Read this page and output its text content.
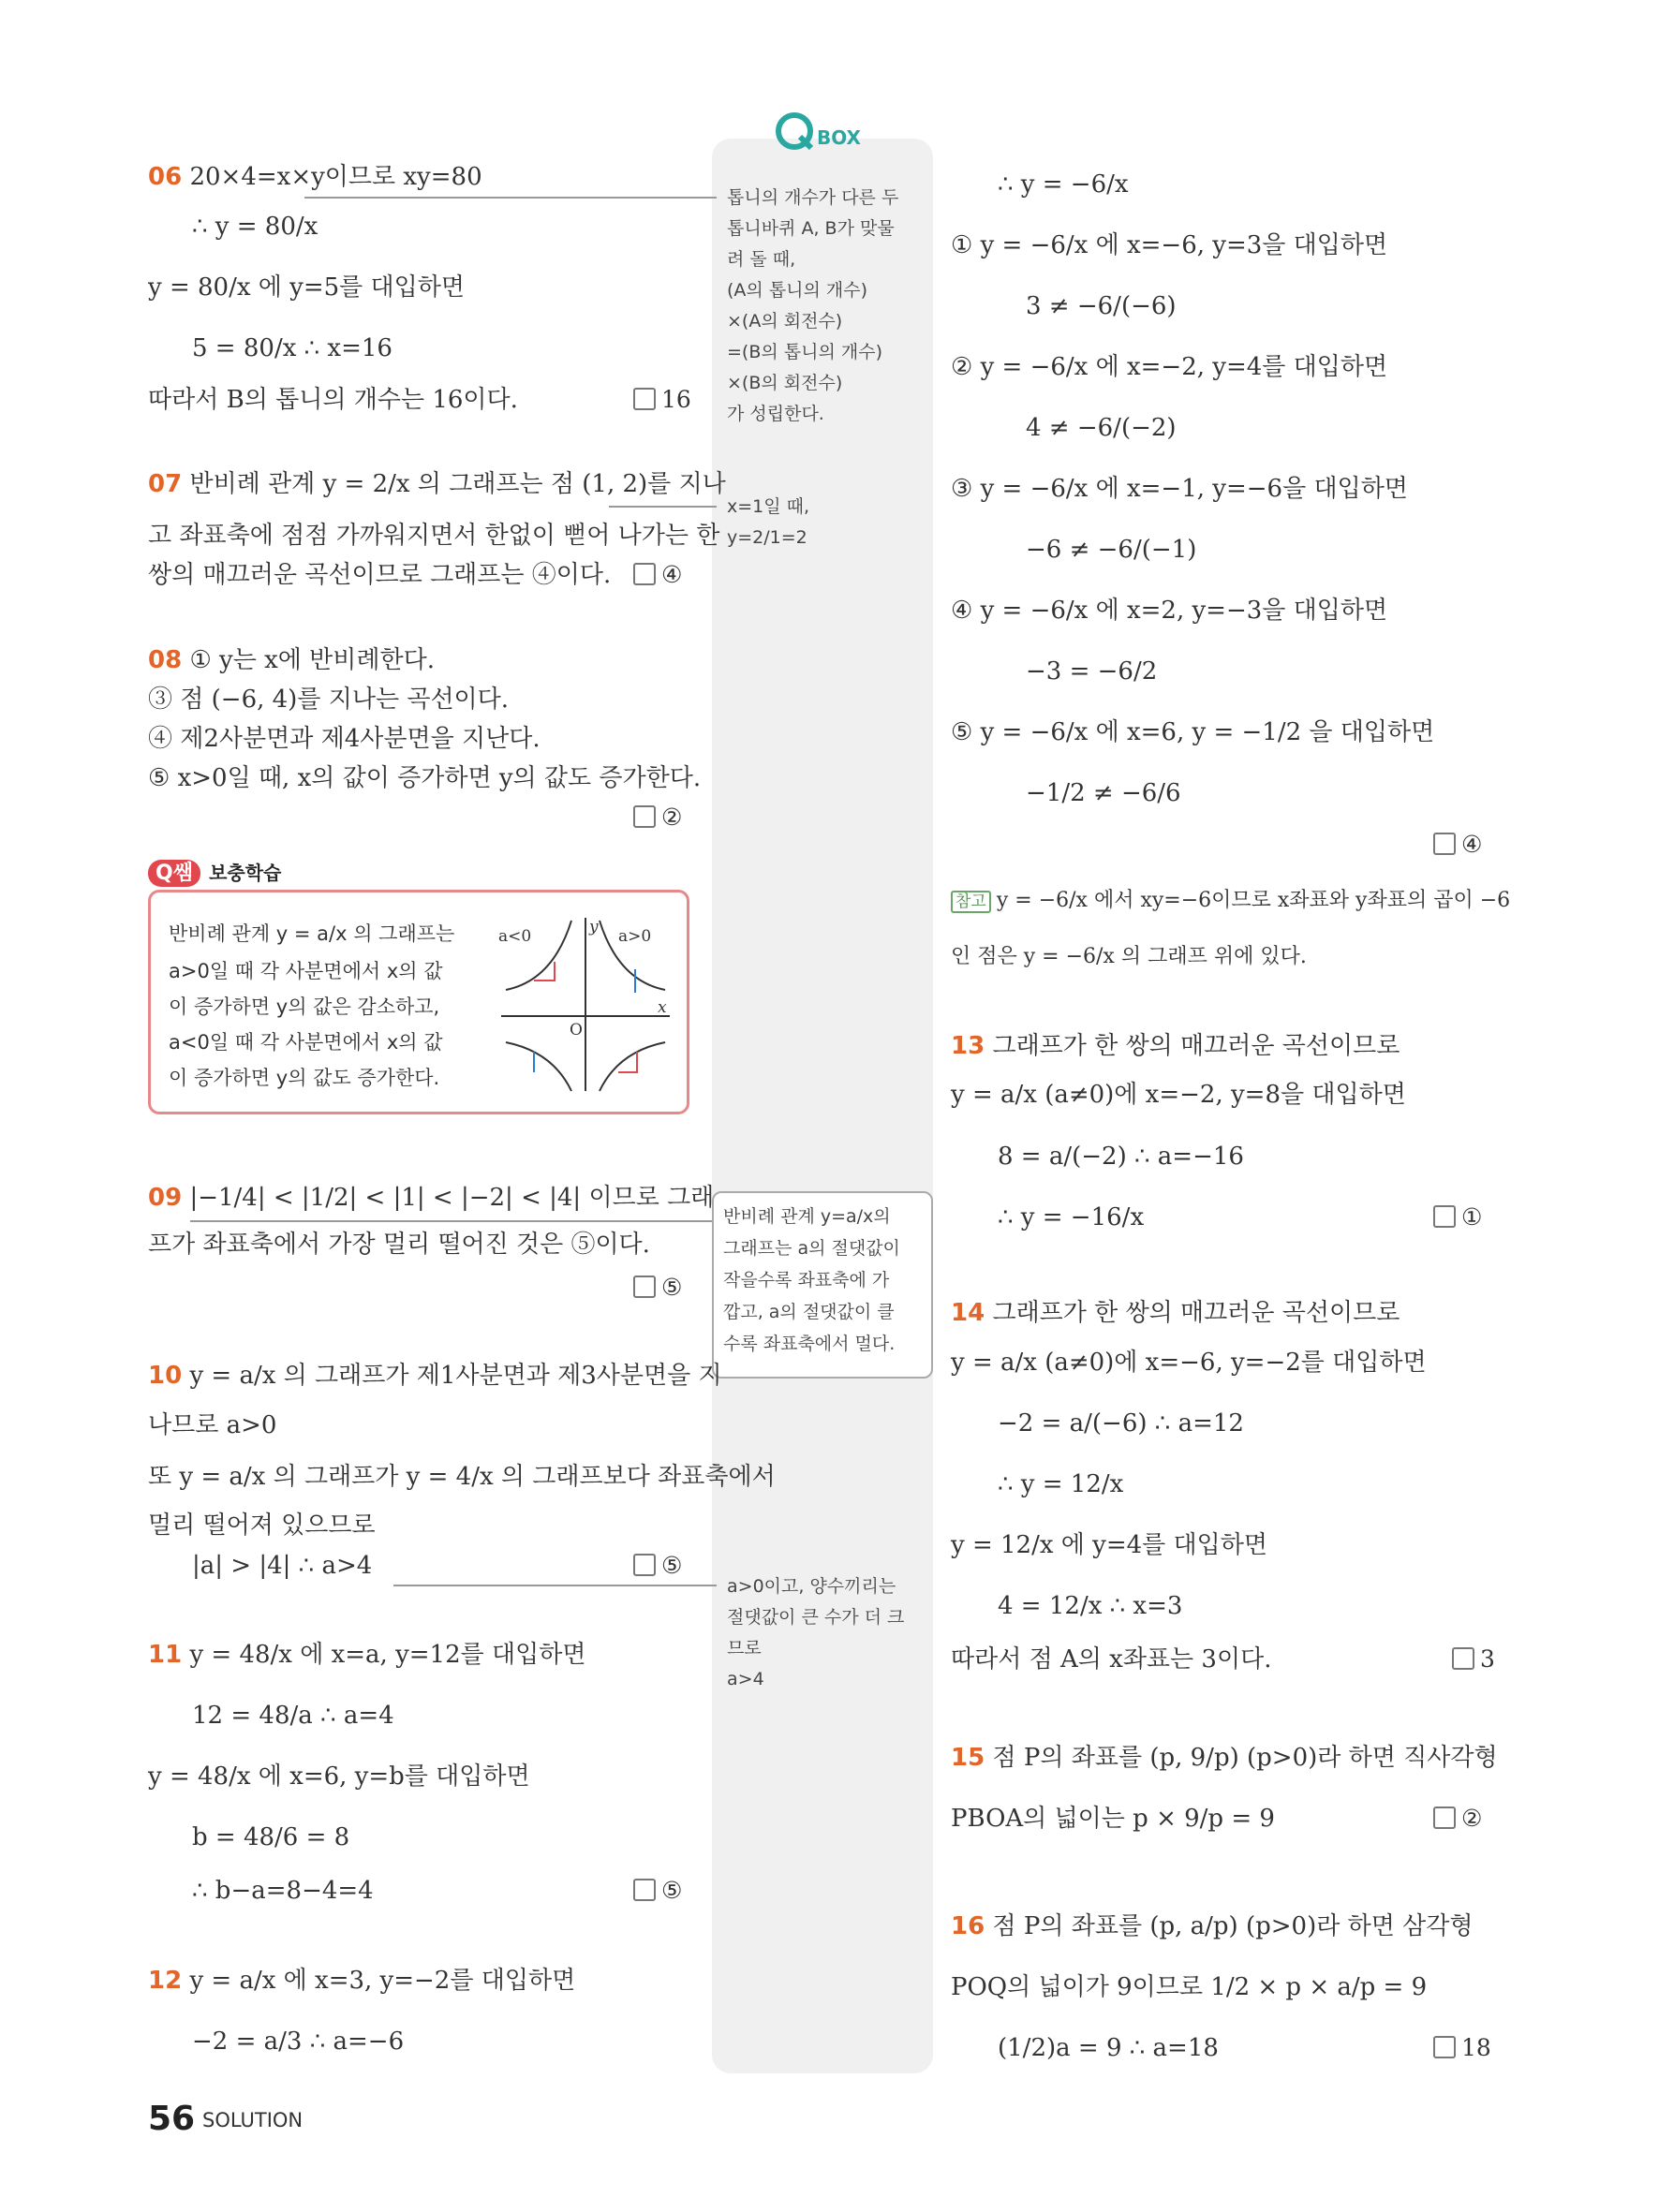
BOX
톱니의 개수가 다른 두
톱니바퀴 A, B가 맞물
려 돌 때,
(A의 톱니의 개수)
×(A의 회전수)
=(B의 톱니의 개수)
×(B의 회전수)
가 성립한다.
x=1일 때,
y=2/1=2
반비례 관계 y=a/x의
그래프는 a의 절댓값이
작을수록 좌표축에 가
깝고, a의 절댓값이 클
수록 좌표축에서 멀다.
a>0이고, 양수끼리는
절댓값이 큰 수가 더 크
므로
a>4
06 20×4=x×y이므로 xy=80
∴ y = 80/x
y = 80/x 에 y=5를 대입하면
5 = 80/x ∴ x=16
따라서 B의 톱니의 개수는 16이다.	16
07 반비례 관계 y = 2/x 의 그래프는 점 (1, 2)를 지나
고 좌표축에 점점 가까워지면서 한없이 뻗어 나가는 한
쌍의 매끄러운 곡선이므로 그래프는 ④이다.	④
08 ① y는 x에 반비례한다.
③ 점 (−6, 4)를 지나는 곡선이다.
④ 제2사분면과 제4사분면을 지난다.
⑤ x>0일 때, x의 값이 증가하면 y의 값도 증가한다.
②
Q쌤 보충학습
반비례 관계 y = a/x 의 그래프는
a>0일 때 각 사분면에서 x의 값
이 증가하면 y의 값은 감소하고,
a<0일 때 각 사분면에서 x의 값
이 증가하면 y의 값도 증가한다.
a<0	a>0
y
O
x
09 |−1/4| < |1/2| < |1| < |−2| < |4| 이므로 그래
프가 좌표축에서 가장 멀리 떨어진 것은 ⑤이다.
⑤
10 y = a/x 의 그래프가 제1사분면과 제3사분면을 지
나므로 a>0
또 y = a/x 의 그래프가 y = 4/x 의 그래프보다 좌표축에서
멀리 떨어져 있으므로
|a| > |4| ∴ a>4	⑤
11 y = 48/x 에 x=a, y=12를 대입하면
12 = 48/a ∴ a=4
y = 48/x 에 x=6, y=b를 대입하면
b = 48/6 = 8
∴ b−a=8−4=4	⑤
12 y = a/x 에 x=3, y=−2를 대입하면
−2 = a/3 ∴ a=−6
∴ y = −6/x
① y = −6/x 에 x=−6, y=3을 대입하면
3 ≠ −6/(−6)
② y = −6/x 에 x=−2, y=4를 대입하면
4 ≠ −6/(−2)
③ y = −6/x 에 x=−1, y=−6을 대입하면
−6 ≠ −6/(−1)
④ y = −6/x 에 x=2, y=−3을 대입하면
−3 = −6/2
⑤ y = −6/x 에 x=6, y = −1/2 을 대입하면
−1/2 ≠ −6/6
④
참고 y = −6/x 에서 xy=−6이므로 x좌표와 y좌표의 곱이 −6
인 점은 y = −6/x 의 그래프 위에 있다.
13 그래프가 한 쌍의 매끄러운 곡선이므로
y = a/x (a≠0)에 x=−2, y=8을 대입하면
8 = a/(−2) ∴ a=−16
∴ y = −16/x	①
14 그래프가 한 쌍의 매끄러운 곡선이므로
y = a/x (a≠0)에 x=−6, y=−2를 대입하면
−2 = a/(−6) ∴ a=12
∴ y = 12/x
y = 12/x 에 y=4를 대입하면
4 = 12/x ∴ x=3
따라서 점 A의 x좌표는 3이다.	3
15 점 P의 좌표를 (p, 9/p) (p>0)라 하면 직사각형
PBOA의 넓이는 p × 9/p = 9	②
16 점 P의 좌표를 (p, a/p) (p>0)라 하면 삼각형
POQ의 넓이가 9이므로 1/2 × p × a/p = 9
(1/2)a = 9 ∴ a=18	18
56 SOLUTION
